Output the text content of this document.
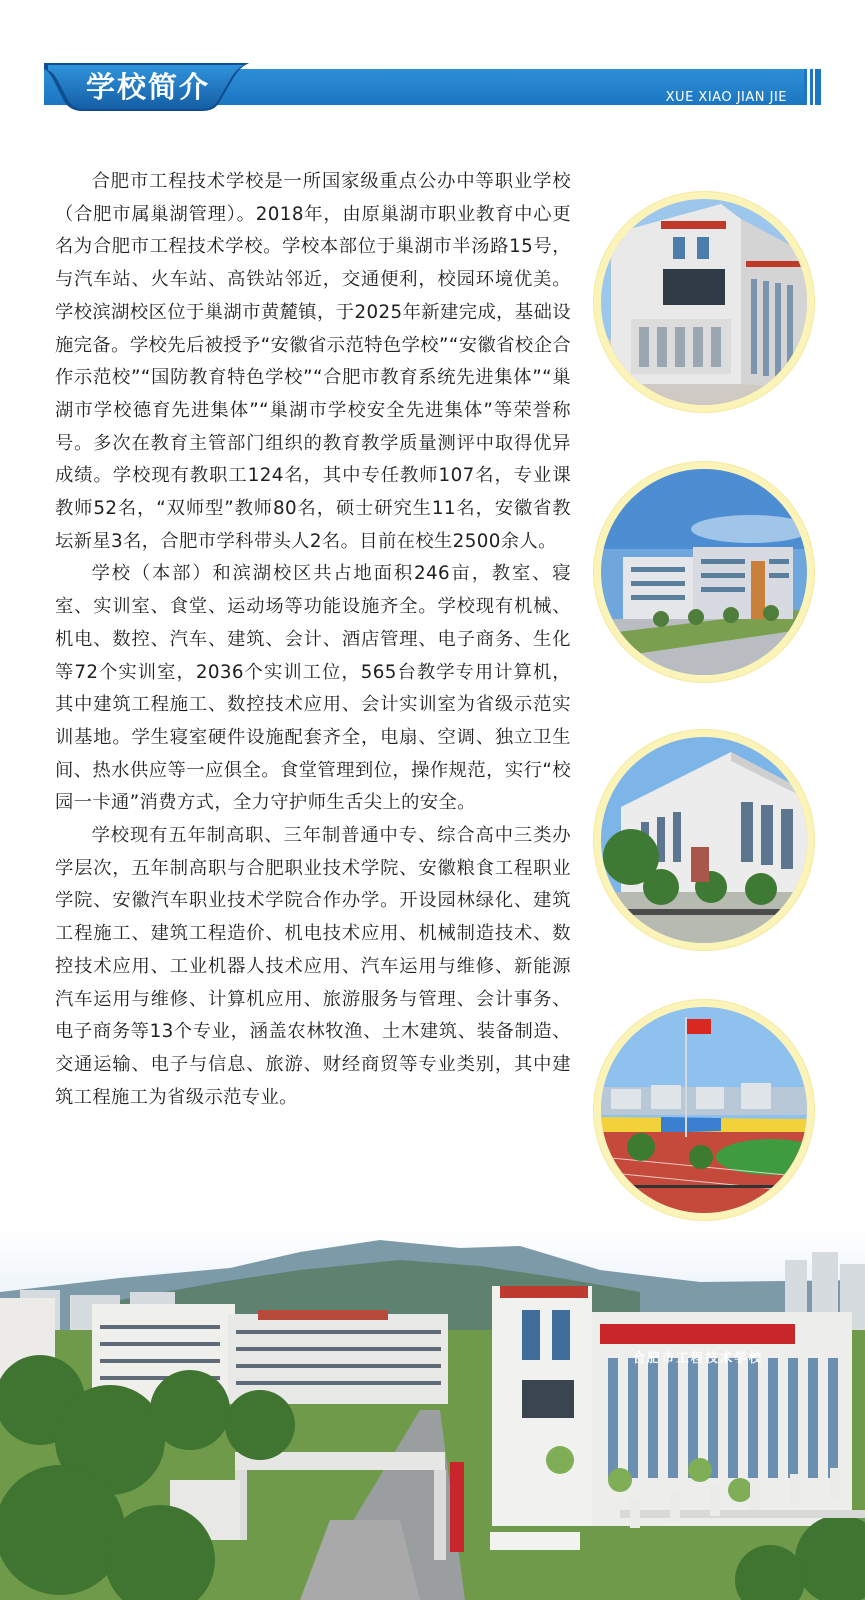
学校简介	XUE XIAO JIAN JIE

合肥市工程技术学校是一所国家级重点公办中等职业学校（合肥市属巢湖管理）。2018年，由原巢湖市职业教育中心更名为合肥市工程技术学校。学校本部位于巢湖市半汤路15号，与汽车站、火车站、高铁站邻近，交通便利，校园环境优美。学校滨湖校区位于巢湖市黄麓镇，于2025年新建完成，基础设施完备。学校先后被授予“安徽省示范特色学校”“安徽省校企合作示范校”“国防教育特色学校”“合肥市教育系统先进集体”“巢湖市学校德育先进集体”“巢湖市学校安全先进集体”等荣誉称号。多次在教育主管部门组织的教育教学质量测评中取得优异成绩。学校现有教职工124名，其中专任教师107名，专业课教师52名，“双师型”教师80名，硕士研究生11名，安徽省教坛新星3名，合肥市学科带头人2名。目前在校生2500余人。

学校（本部）和滨湖校区共占地面积246亩，教室、寝室、实训室、食堂、运动场等功能设施齐全。学校现有机械、机电、数控、汽车、建筑、会计、酒店管理、电子商务、生化等72个实训室，2036个实训工位，565台教学专用计算机，其中建筑工程施工、数控技术应用、会计实训室为省级示范实训基地。学生寝室硬件设施配套齐全，电扇、空调、独立卫生间、热水供应等一应俱全。食堂管理到位，操作规范，实行“校园一卡通”消费方式，全力守护师生舌尖上的安全。

学校现有五年制高职、三年制普通中专、综合高中三类办学层次，五年制高职与合肥职业技术学院、安徽粮食工程职业学院、安徽汽车职业技术学院合作办学。开设园林绿化、建筑工程施工、建筑工程造价、机电技术应用、机械制造技术、数控技术应用、工业机器人技术应用、汽车运用与维修、新能源汽车运用与维修、计算机应用、旅游服务与管理、会计事务、电子商务等13个专业，涵盖农林牧渔、土木建筑、装备制造、交通运输、电子与信息、旅游、财经商贸等专业类别，其中建筑工程施工为省级示范专业。

合肥市工程技术学校
